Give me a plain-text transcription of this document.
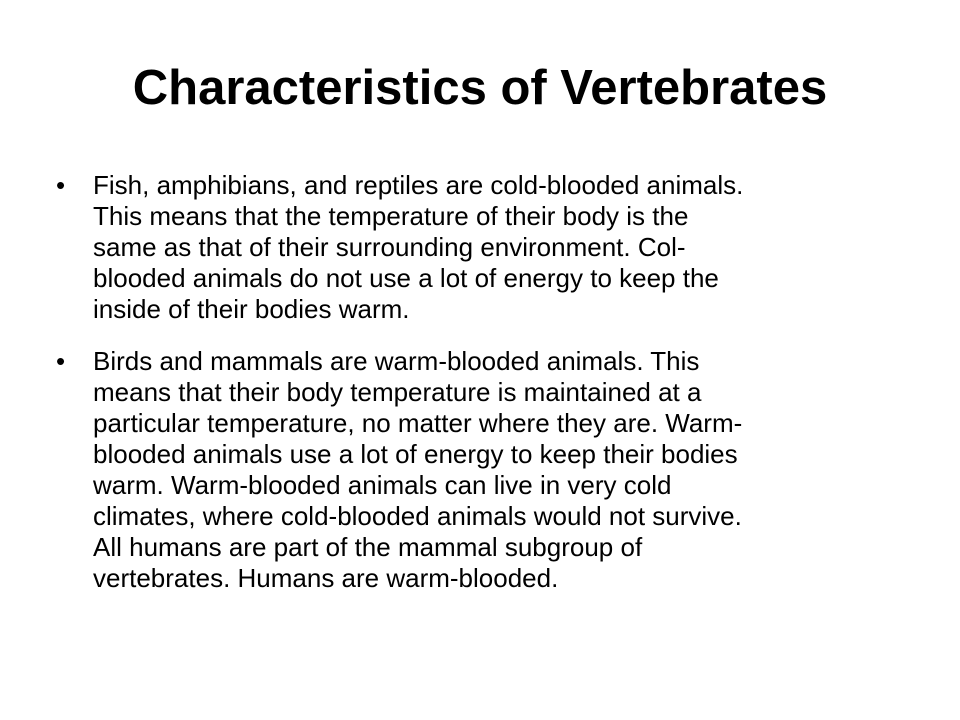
Characteristics of Vertebrates
• Fish, amphibians, and reptiles are cold-blooded animals.
This means that the temperature of their body is the
same as that of their surrounding environment. Col-
blooded animals do not use a lot of energy to keep the
inside of their bodies warm.
• Birds and mammals are warm-blooded animals. This
means that their body temperature is maintained at a
particular temperature, no matter where they are. Warm-
blooded animals use a lot of energy to keep their bodies
warm. Warm-blooded animals can live in very cold
climates, where cold-blooded animals would not survive.
All humans are part of the mammal subgroup of
vertebrates. Humans are warm-blooded.
